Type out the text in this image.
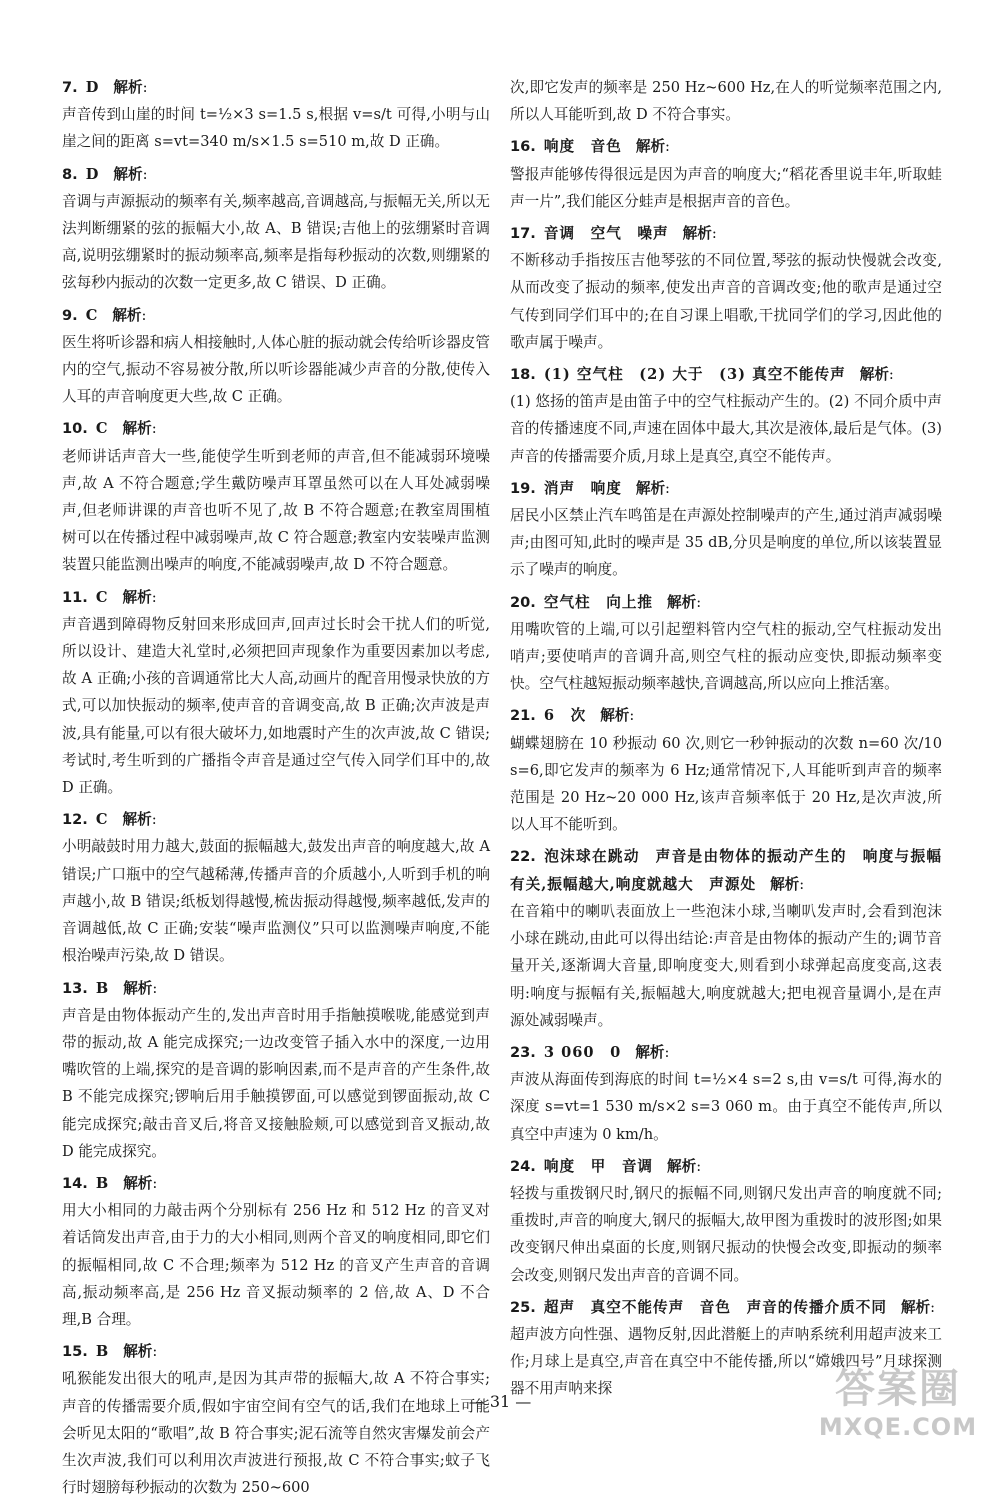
7. D 解析:
声音传到山崖的时间 t=½×3 s=1.5 s,根据 v=s/t 可得,小明与山崖之间的距离 s=vt=340 m/s×1.5 s=510 m,故 D 正确。

8. D 解析:
音调与声源振动的频率有关,频率越高,音调越高,与振幅无关,所以无法判断绷紧的弦的振幅大小,故 A、B 错误;吉他上的弦绷紧时音调高,说明弦绷紧时的振动频率高,频率是指每秒振动的次数,则绷紧的弦每秒内振动的次数一定更多,故 C 错误、D 正确。

9. C 解析:
医生将听诊器和病人相接触时,人体心脏的振动就会传给听诊器皮管内的空气,振动不容易被分散,所以听诊器能减少声音的分散,使传入人耳的声音响度更大些,故 C 正确。

10. C 解析:
老师讲话声音大一些,能使学生听到老师的声音,但不能减弱环境噪声,故 A 不符合题意;学生戴防噪声耳罩虽然可以在人耳处减弱噪声,但老师讲课的声音也听不见了,故 B 不符合题意;在教室周围植树可以在传播过程中减弱噪声,故 C 符合题意;教室内安装噪声监测装置只能监测出噪声的响度,不能减弱噪声,故 D 不符合题意。

11. C 解析:
声音遇到障碍物反射回来形成回声,回声过长时会干扰人们的听觉,所以设计、建造大礼堂时,必须把回声现象作为重要因素加以考虑,故 A 正确;小孩的音调通常比大人高,动画片的配音用慢录快放的方式,可以加快振动的频率,使声音的音调变高,故 B 正确;次声波是声波,具有能量,可以有很大破坏力,如地震时产生的次声波,故 C 错误;考试时,考生听到的广播指令声音是通过空气传入同学们耳中的,故 D 正确。

12. C 解析:
小明敲鼓时用力越大,鼓面的振幅越大,鼓发出声音的响度越大,故 A 错误;广口瓶中的空气越稀薄,传播声音的介质越小,人听到手机的响声越小,故 B 错误;纸板划得越慢,梳齿振动得越慢,频率越低,发声的音调越低,故 C 正确;安装“噪声监测仪”只可以监测噪声响度,不能根治噪声污染,故 D 错误。

13. B 解析:
声音是由物体振动产生的,发出声音时用手指触摸喉咙,能感觉到声带的振动,故 A 能完成探究;一边改变管子插入水中的深度,一边用嘴吹管的上端,探究的是音调的影响因素,而不是声音的产生条件,故 B 不能完成探究;锣响后用手触摸锣面,可以感觉到锣面振动,故 C 能完成探究;敲击音叉后,将音叉接触脸颊,可以感觉到音叉振动,故 D 能完成探究。

14. B 解析:
用大小相同的力敲击两个分别标有 256 Hz 和 512 Hz 的音叉对着话筒发出声音,由于力的大小相同,则两个音叉的响度相同,即它们的振幅相同,故 C 不合理;频率为 512 Hz 的音叉产生声音的音调高,振动频率高,是 256 Hz 音叉振动频率的 2 倍,故 A、D 不合理,B 合理。

15. B 解析:
吼猴能发出很大的吼声,是因为其声带的振幅大,故 A 不符合事实;声音的传播需要介质,假如宇宙空间有空气的话,我们在地球上可能会听见太阳的“歌唱”,故 B 符合事实;泥石流等自然灾害爆发前会产生次声波,我们可以利用次声波进行预报,故 C 不符合事实;蚊子飞行时翅膀每秒振动的次数为 250~600

次,即它发声的频率是 250 Hz~600 Hz,在人的听觉频率范围之内,所以人耳能听到,故 D 不符合事实。

16. 响度　音色 解析:
警报声能够传得很远是因为声音的响度大;“稻花香里说丰年,听取蛙声一片”,我们能区分蛙声是根据声音的音色。

17. 音调　空气　噪声 解析:
不断移动手指按压吉他琴弦的不同位置,琴弦的振动快慢就会改变,从而改变了振动的频率,使发出声音的音调改变;他的歌声是通过空气传到同学们耳中的;在自习课上唱歌,干扰同学们的学习,因此他的歌声属于噪声。

18. (1) 空气柱　(2) 大于　(3) 真空不能传声 解析:
(1) 悠扬的笛声是由笛子中的空气柱振动产生的。(2) 不同介质中声音的传播速度不同,声速在固体中最大,其次是液体,最后是气体。(3) 声音的传播需要介质,月球上是真空,真空不能传声。

19. 消声　响度 解析:
居民小区禁止汽车鸣笛是在声源处控制噪声的产生,通过消声减弱噪声;由图可知,此时的噪声是 35 dB,分贝是响度的单位,所以该装置显示了噪声的响度。

20. 空气柱　向上推 解析:
用嘴吹管的上端,可以引起塑料管内空气柱的振动,空气柱振动发出哨声;要使哨声的音调升高,则空气柱的振动应变快,即振动频率变快。空气柱越短振动频率越快,音调越高,所以应向上推活塞。

21. 6　次 解析:
蝴蝶翅膀在 10 秒振动 60 次,则它一秒钟振动的次数 n=60 次/10 s=6,即它发声的频率为 6 Hz;通常情况下,人耳能听到声音的频率范围是 20 Hz~20 000 Hz,该声音频率低于 20 Hz,是次声波,所以人耳不能听到。

22. 泡沫球在跳动　声音是由物体的振动产生的　响度与振幅有关,振幅越大,响度就越大　声源处 解析:
在音箱中的喇叭表面放上一些泡沫小球,当喇叭发声时,会看到泡沫小球在跳动,由此可以得出结论:声音是由物体的振动产生的;调节音量开关,逐渐调大音量,即响度变大,则看到小球弹起高度变高,这表明:响度与振幅有关,振幅越大,响度就越大;把电视音量调小,是在声源处减弱噪声。

23. 3 060　0 解析:
声波从海面传到海底的时间 t=½×4 s=2 s,由 v=s/t 可得,海水的深度 s=vt=1 530 m/s×2 s=3 060 m。由于真空不能传声,所以真空中声速为 0 km/h。

24. 响度　甲　音调 解析:
轻拨与重拨钢尺时,钢尺的振幅不同,则钢尺发出声音的响度就不同;重拨时,声音的响度大,钢尺的振幅大,故甲图为重拨时的波形图;如果改变钢尺伸出桌面的长度,则钢尺振动的快慢会改变,即振动的频率会改变,则钢尺发出声音的音调不同。

25. 超声　真空不能传声　音色　声音的传播介质不同 解析:
超声波方向性强、遇物反射,因此潜艇上的声呐系统利用超声波来工作;月球上是真空,声音在真空中不能传播,所以“嫦娥四号”月球探测器不用声呐来探

— 31 —	答案圈
MXQE.COM
